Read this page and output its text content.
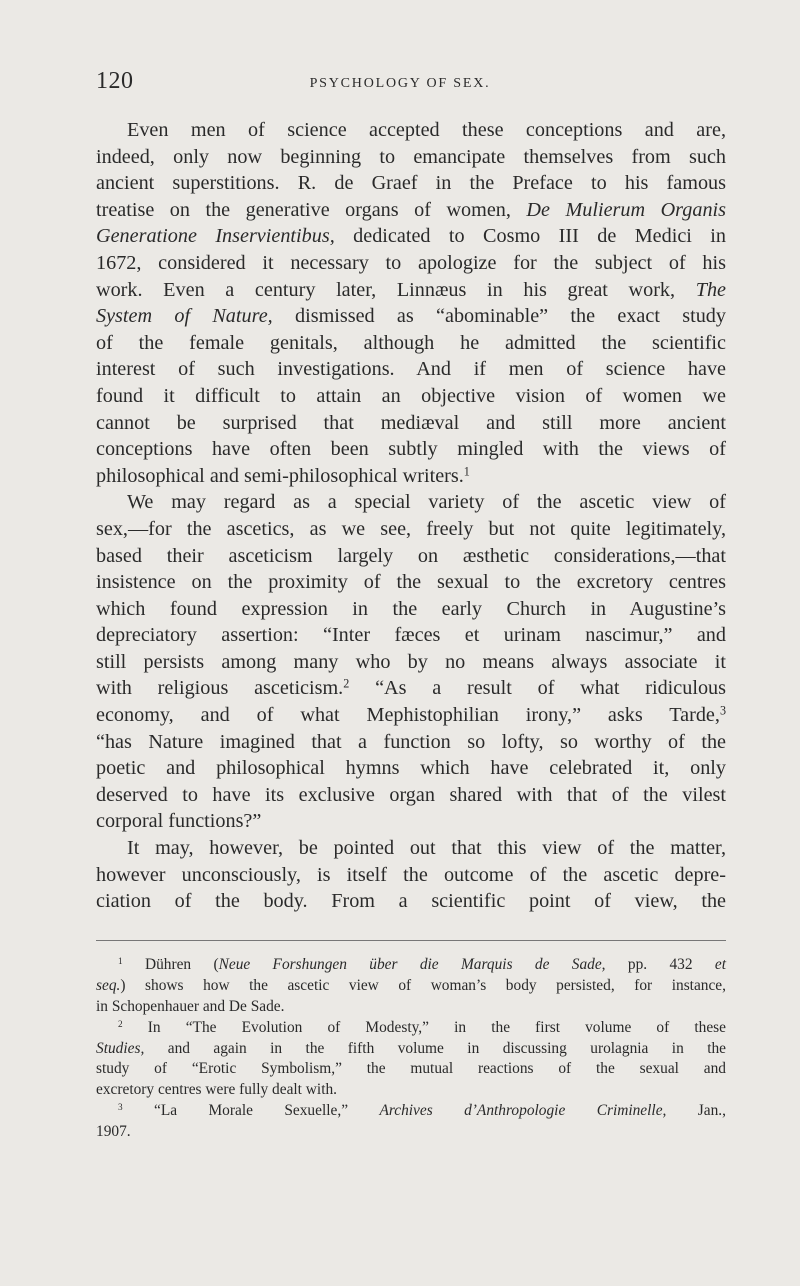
120	PSYCHOLOGY OF SEX.
Even men of science accepted these conceptions and are,
indeed, only now beginning to emancipate themselves from such
ancient superstitions. R. de Graef in the Preface to his famous
treatise on the generative organs of women, De Mulierum Organis
Generatione Inservientibus, dedicated to Cosmo III de Medici in
1672, considered it necessary to apologize for the subject of his
work. Even a century later, Linnæus in his great work, The
System of Nature, dismissed as “abominable” the exact study
of the female genitals, although he admitted the scientific
interest of such investigations. And if men of science have
found it difficult to attain an objective vision of women we
cannot be surprised that mediæval and still more ancient
conceptions have often been subtly mingled with the views of
philosophical and semi-philosophical writers.$^1$
We may regard as a special variety of the ascetic view of
sex,—for the ascetics, as we see, freely but not quite legitimately,
based their asceticism largely on æsthetic considerations,—that
insistence on the proximity of the sexual to the excretory centres
which found expression in the early Church in Augustine’s
depreciatory assertion: “Inter fæces et urinam nascimur,” and
still persists among many who by no means always associate it
with religious asceticism.$^2$ “As a result of what ridiculous
economy, and of what Mephistophilian irony,” asks Tarde,$^3$
“has Nature imagined that a function so lofty, so worthy of the
poetic and philosophical hymns which have celebrated it, only
deserved to have its exclusive organ shared with that of the vilest
corporal functions?”
It may, however, be pointed out that this view of the matter,
however unconsciously, is itself the outcome of the ascetic depre-
ciation of the body. From a scientific point of view, the
$^1$ Dühren (Neue Forshungen über die Marquis de Sade, pp. 432 et
seq.) shows how the ascetic view of woman’s body persisted, for instance,
in Schopenhauer and De Sade.
$^2$ In “The Evolution of Modesty,” in the first volume of these
Studies, and again in the fifth volume in discussing urolagnia in the
study of “Erotic Symbolism,” the mutual reactions of the sexual and
excretory centres were fully dealt with.
$^3$ “La Morale Sexuelle,” Archives d’Anthropologie Criminelle, Jan.,
1907.
